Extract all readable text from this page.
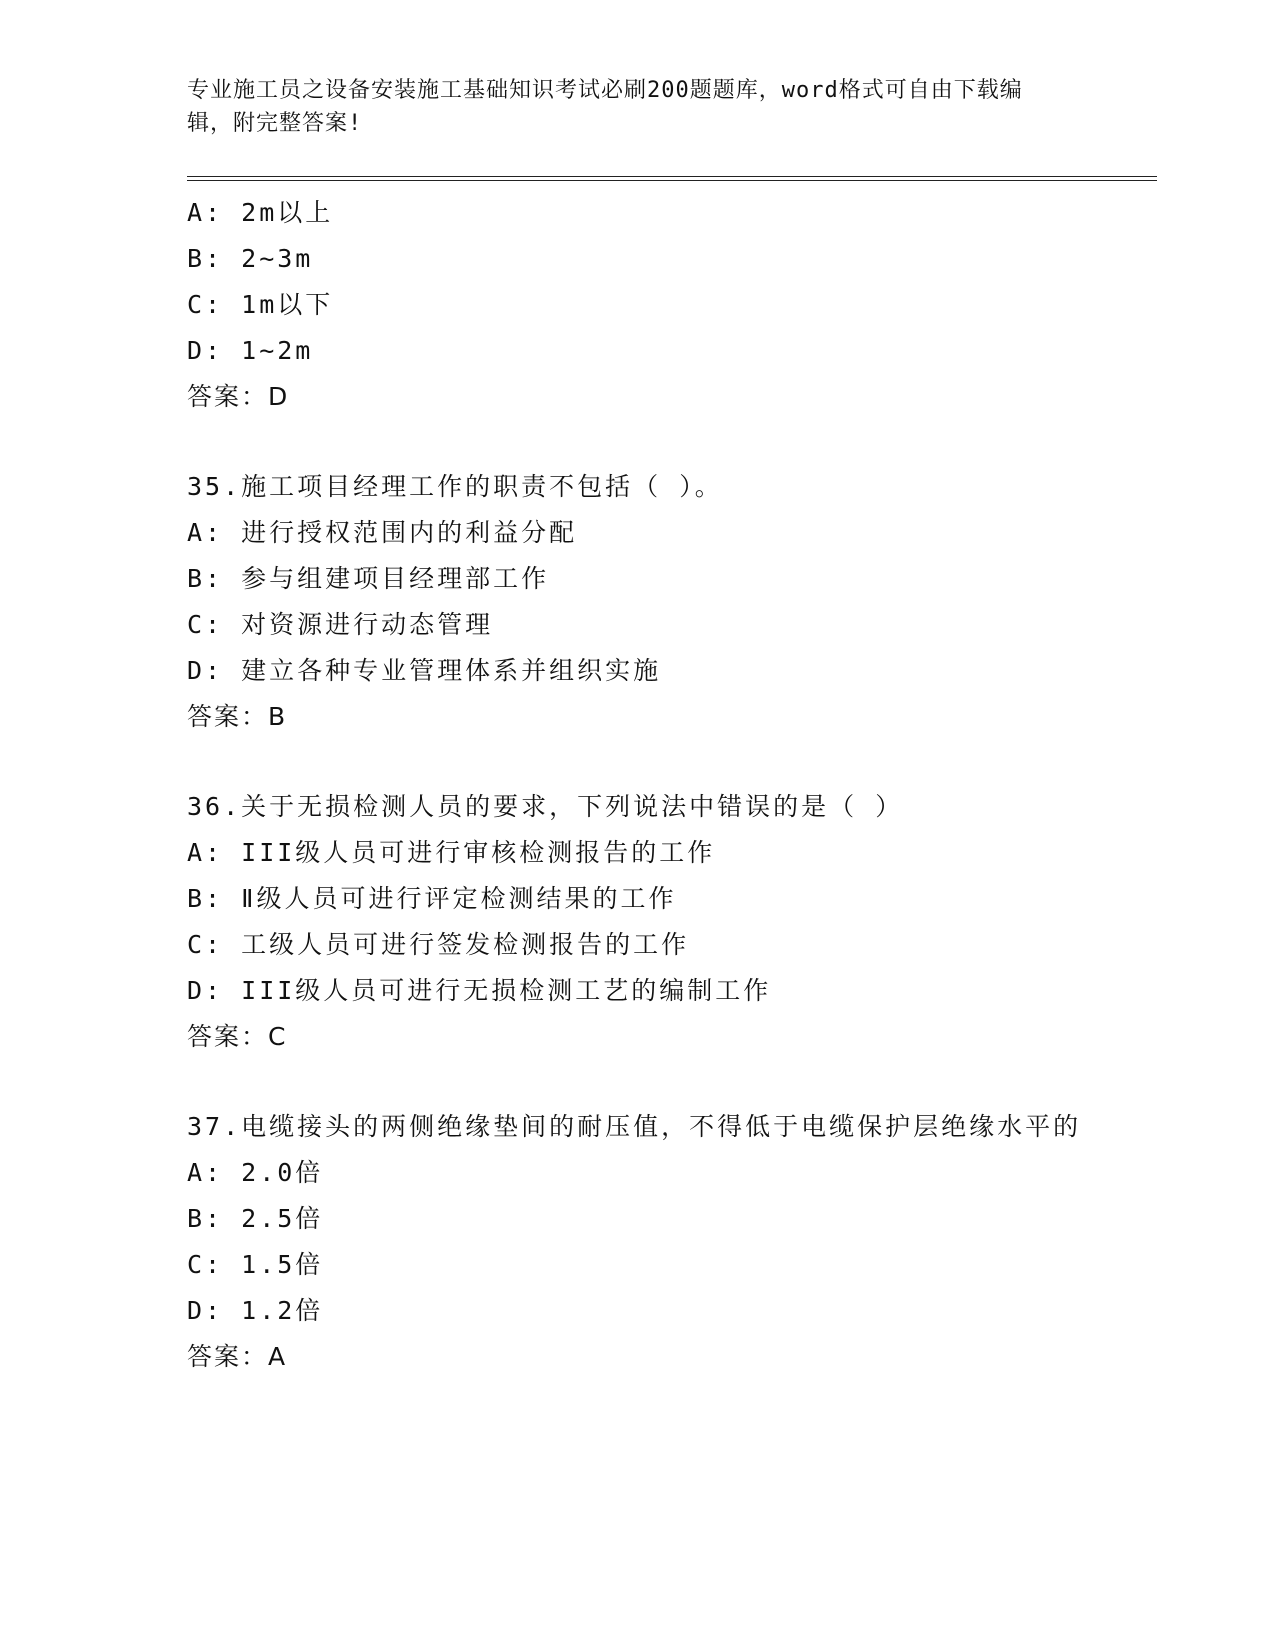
专业施工员之设备安装施工基础知识考试必刷200题题库，word格式可自由下载编辑，附完整答案!
A: 2m以上
B: 2~3m
C: 1m以下
D: 1~2m
答案：D
35.施工项目经理工作的职责不包括（ ）。
A: 进行授权范围内的利益分配
B: 参与组建项目经理部工作
C: 对资源进行动态管理
D: 建立各种专业管理体系并组织实施
答案：B
36.关于无损检测人员的要求，下列说法中错误的是（ ）
A: III级人员可进行审核检测报告的工作
B: Ⅱ级人员可进行评定检测结果的工作
C: 工级人员可进行签发检测报告的工作
D: III级人员可进行无损检测工艺的编制工作
答案：C
37.电缆接头的两侧绝缘垫间的耐压值，不得低于电缆保护层绝缘水平的
A: 2.0倍
B: 2.5倍
C: 1.5倍
D: 1.2倍
答案：A
